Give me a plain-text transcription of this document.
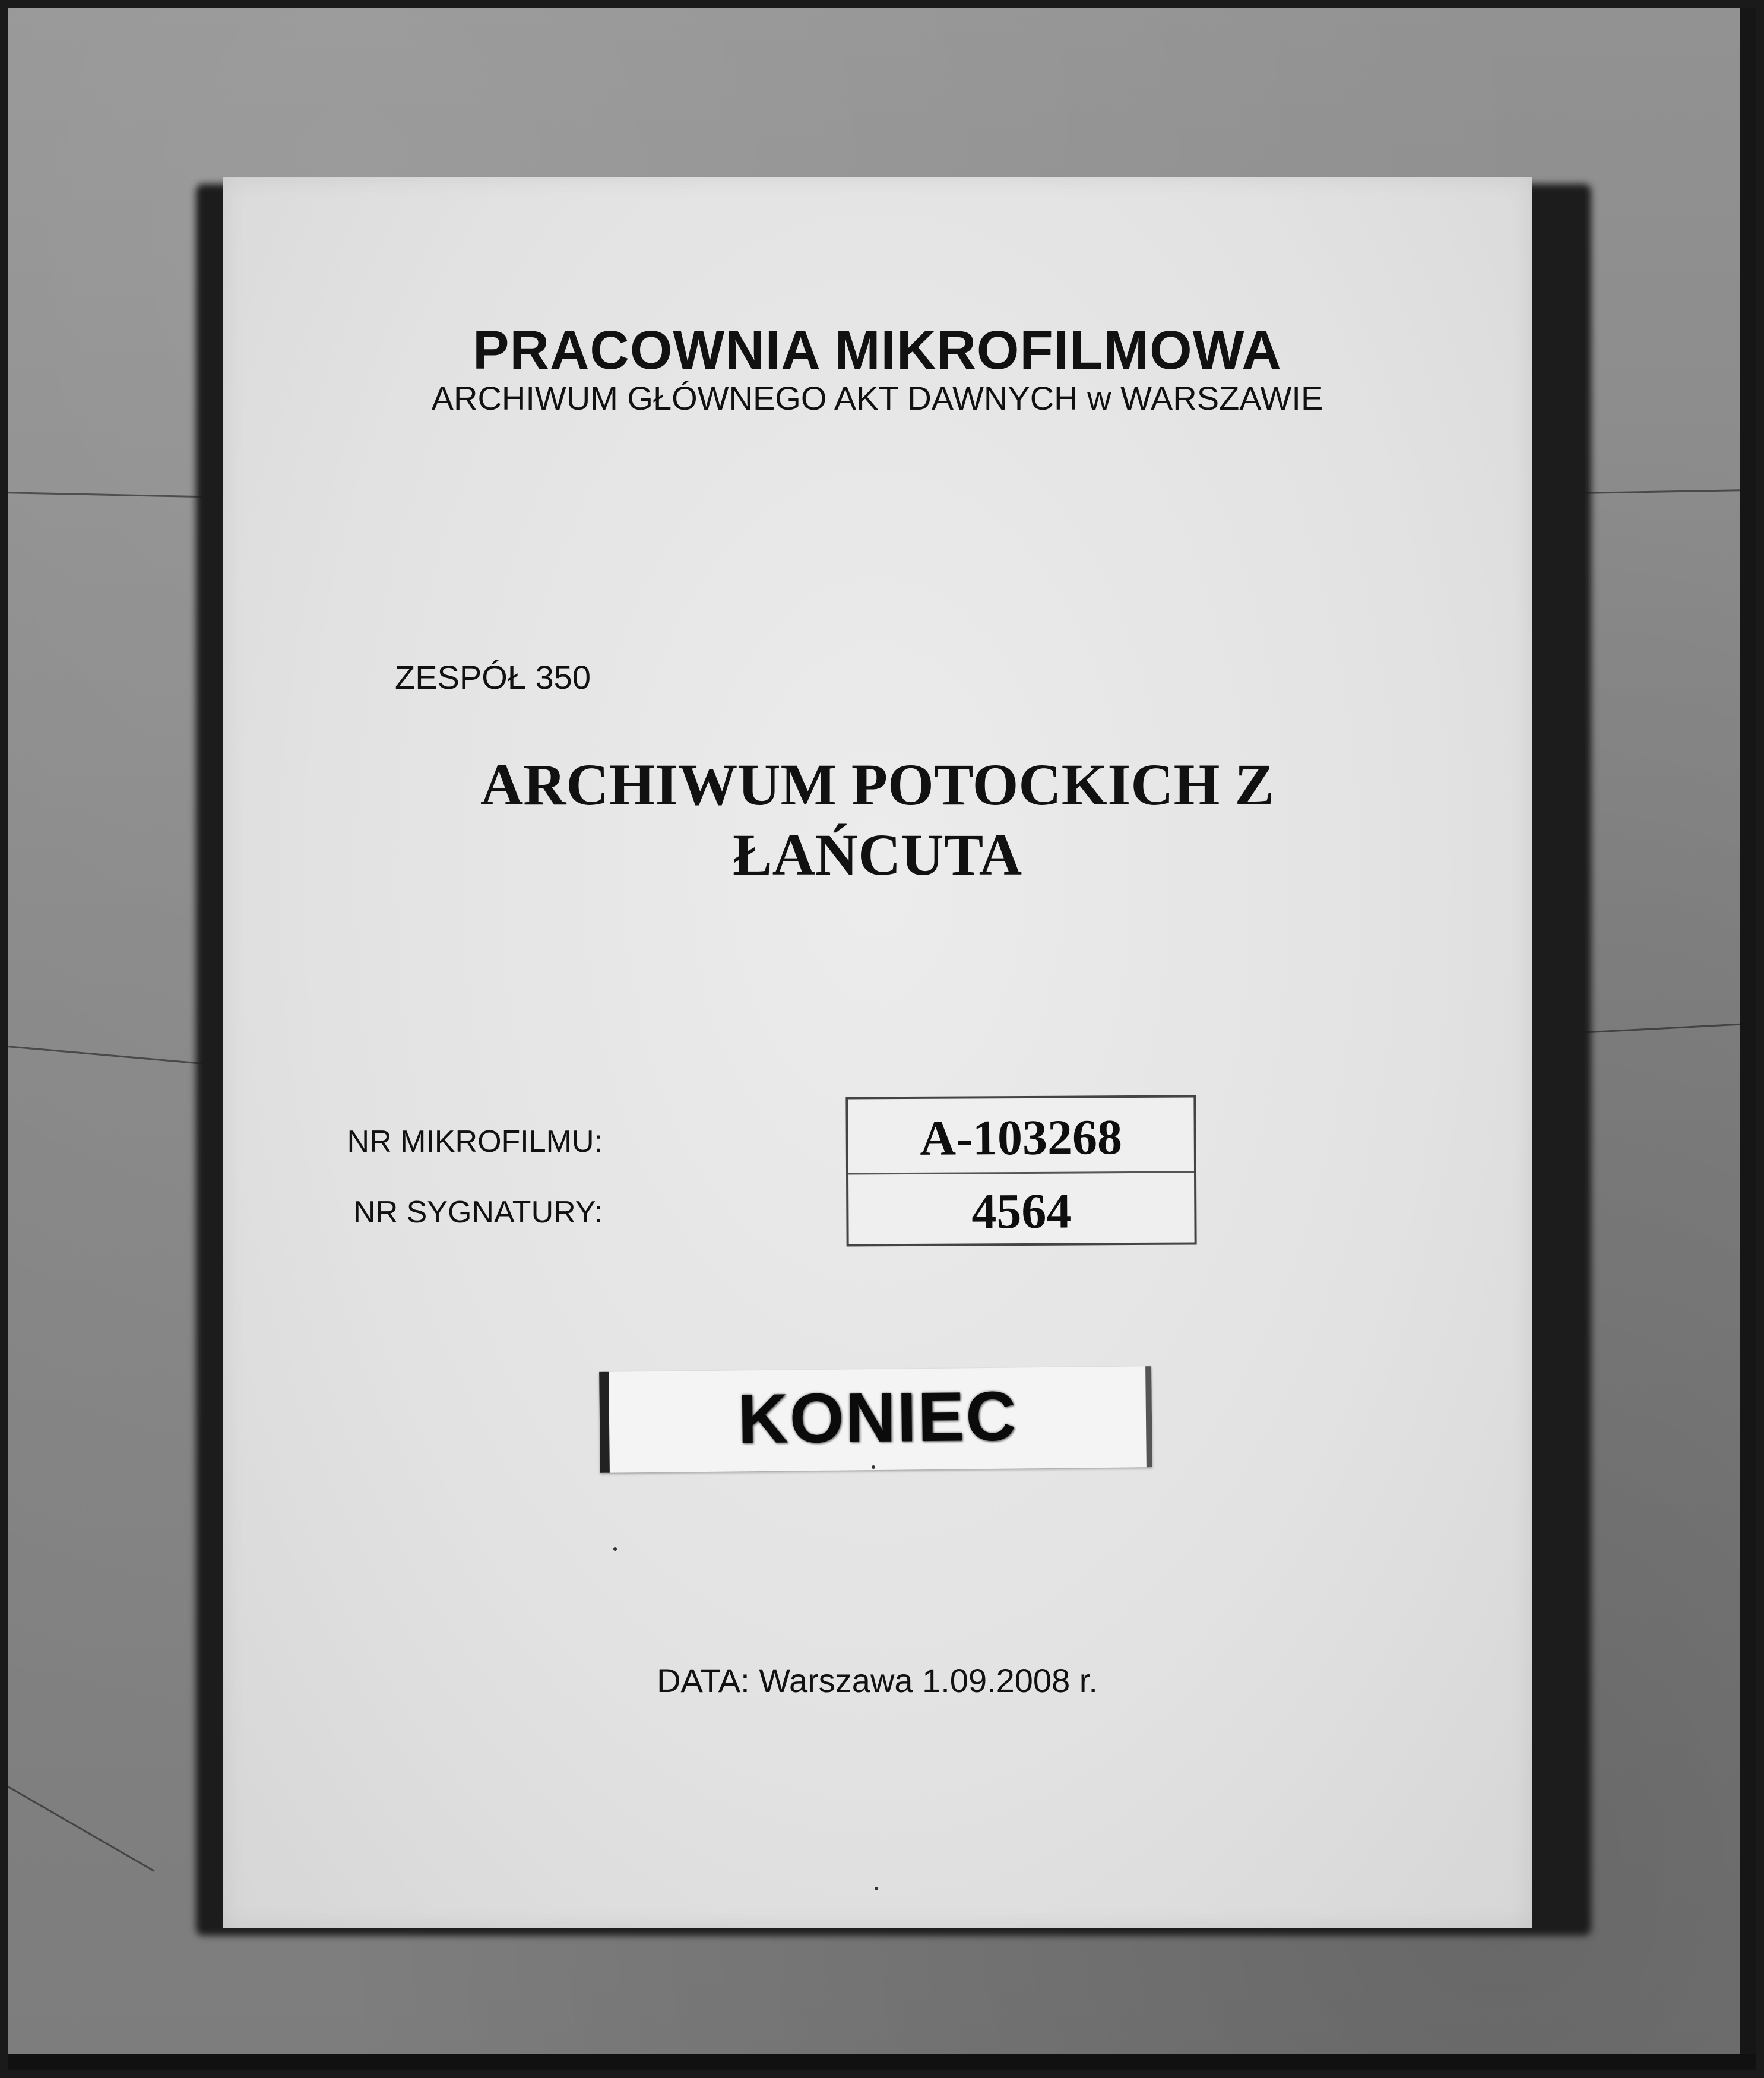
PRACOWNIA MIKROFILMOWA
ARCHIWUM GŁÓWNEGO AKT DAWNYCH w WARSZAWIE
ZESPÓŁ 350
ARCHIWUM POTOCKICH Z
ŁAŃCUTA
NR MIKROFILMU:
NR SYGNATURY:
A-103268
4564
KONIEC
DATA: Warszawa 1.09.2008 r.
